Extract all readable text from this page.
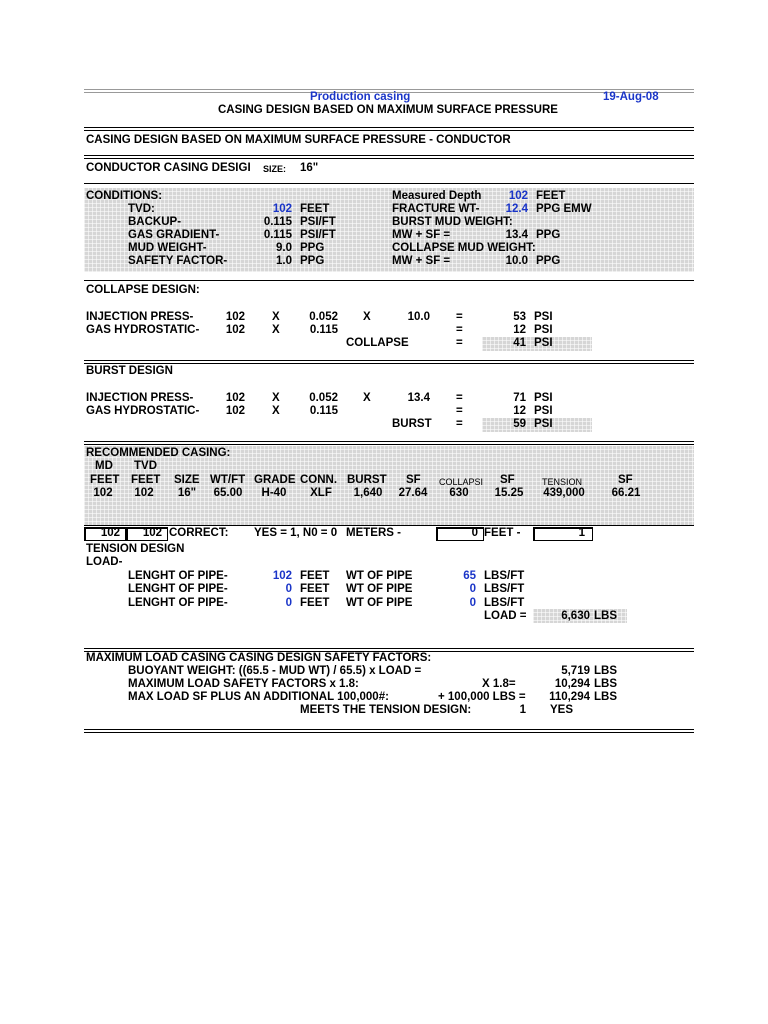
Production casing	19-Aug-08
CASING DESIGN BASED ON MAXIMUM SURFACE PRESSURE
CASING DESIGN BASED ON MAXIMUM SURFACE PRESSURE - CONDUCTOR
CONDUCTOR CASING DESIGI SIZE: 16"
CONDITIONS:
TVD:	102 FEET
BACKUP-	0.115 PSI/FT
GAS GRADIENT-	0.115 PSI/FT
MUD WEIGHT-	9.0 PPG
SAFETY FACTOR-	1.0 PPG
Measured Depth	102 FEET
FRACTURE WT-	12.4 PPG EMW
BURST MUD WEIGHT:
MW + SF =	13.4 PPG
COLLAPSE MUD WEIGHT:
MW + SF =	10.0 PPG
COLLAPSE DESIGN:
INJECTION PRESS-	102 X	0.052 X	10.0 =	53 PSI
GAS HYDROSTATIC-	102 X	0.115	=	12 PSI
COLLAPSE	=	41 PSI
BURST DESIGN
INJECTION PRESS-	102 X	0.052 X	13.4 =	71 PSI
GAS HYDROSTATIC-	102 X	0.115	=	12 PSI
BURST =	59 PSI
RECOMMENDED CASING:
MD TVD
FEET FEET SIZE WT/FT GRADE CONN. BURST SF COLLAPSI SF	TENSION	SF
102	102	16"	65.00	H-40	XLF	1,640	27.64	630	15.25	439,000	66.21
102	102 CORRECT: YES = 1, N0 = 0 METERS -	0 FEET -	1
TENSION DESIGN
LOAD-
LENGHT OF PIPE-	102 FEET WT OF PIPE	65 LBS/FT
LENGHT OF PIPE-	0 FEET WT OF PIPE	0 LBS/FT
LENGHT OF PIPE-	0 FEET WT OF PIPE	0 LBS/FT
LOAD =	6,630 LBS
MAXIMUM LOAD CASING CASING DESIGN SAFETY FACTORS:
BUOYANT WEIGHT: ((65.5 - MUD WT) / 65.5) x LOAD =	5,719 LBS
MAXIMUM LOAD SAFETY FACTORS x 1.8:	X 1.8=	10,294 LBS
MAX LOAD SF PLUS AN ADDITIONAL 100,000#:	+ 100,000 LBS =	110,294 LBS
MEETS THE TENSION DESIGN:	1 YES
